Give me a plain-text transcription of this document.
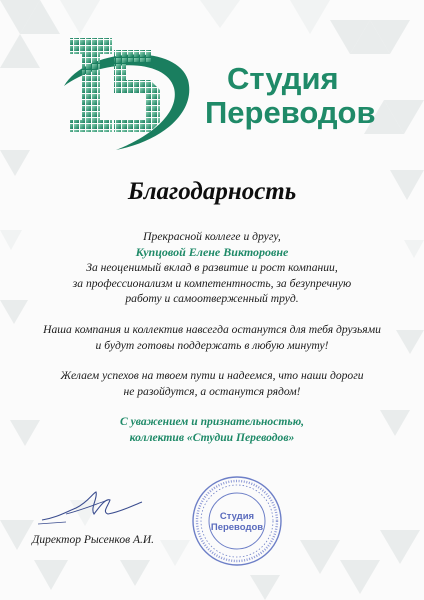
Студия
Переводов
Благодарность

Прекрасной коллеге и другу,

Купцовой Елене Викторовне

За неоценимый вклад в развитие и рост компании,

за профессионализм и компетентность, за безупречную

работу и самоотверженный труд.

Наша компания и коллектив навсегда останутся для тебя друзьями

и будут готовы поддержать в любую минуту!

Желаем успехов на твоем пути и надеемся, что наши дороги

не разойдутся, а останутся рядом!

С уважением и признательностью,

коллектив «Студии Переводов»

Директор Рысенков А.И.
Студия
Переводов
